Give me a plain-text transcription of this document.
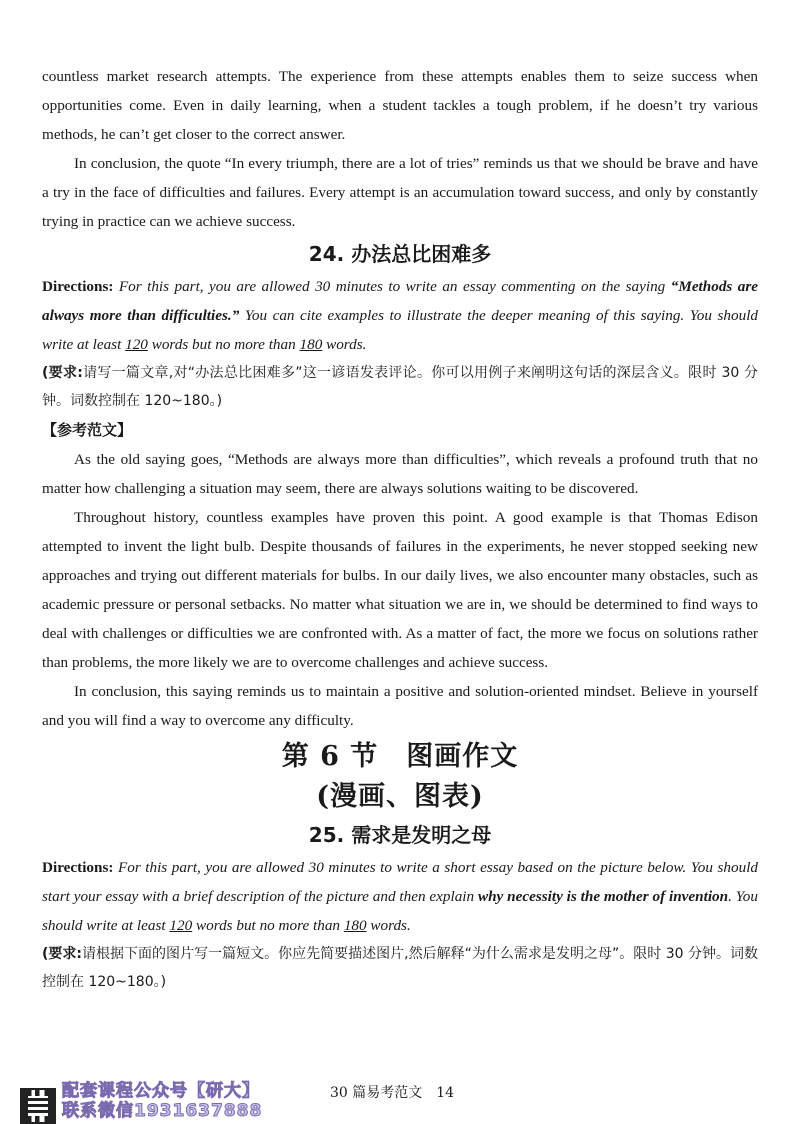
countless market research attempts. The experience from these attempts enables them to seize success when opportunities come. Even in daily learning, when a student tackles a tough problem, if he doesn’t try various methods, he can’t get closer to the correct answer.

In conclusion, the quote “In every triumph, there are a lot of tries” reminds us that we should be brave and have a try in the face of difficulties and failures. Every attempt is an accumulation toward success, and only by constantly trying in practice can we achieve success.

24. 办法总比困难多

Directions: For this part, you are allowed 30 minutes to write an essay commenting on the saying “Methods are always more than difficulties.” You can cite examples to illustrate the deeper meaning of this saying. You should write at least 120 words but no more than 180 words.

(要求:请写一篇文章,对“办法总比困难多”这一谚语发表评论。你可以用例子来阐明这句话的深层含义。限时 30 分钟。词数控制在 120~180。)

【参考范文】

As the old saying goes, “Methods are always more than difficulties”, which reveals a profound truth that no matter how challenging a situation may seem, there are always solutions waiting to be discovered.

Throughout history, countless examples have proven this point. A good example is that Thomas Edison attempted to invent the light bulb. Despite thousands of failures in the experiments, he never stopped seeking new approaches and trying out different materials for bulbs. In our daily lives, we also encounter many obstacles, such as academic pressure or personal setbacks. No matter what situation we are in, we should be determined to find ways to deal with challenges or difficulties we are confronted with. As a matter of fact, the more we focus on solutions rather than problems, the more likely we are to overcome challenges and achieve success.

In conclusion, this saying reminds us to maintain a positive and solution-oriented mindset. Believe in yourself and you will find a way to overcome any difficulty.

第 6 节　图画作文
(漫画、图表)
25. 需求是发明之母

Directions: For this part, you are allowed 30 minutes to write a short essay based on the picture below. You should start your essay with a brief description of the picture and then explain why necessity is the mother of invention. You should write at least 120 words but no more than 180 words.

(要求:请根据下面的图片写一篇短文。你应先简要描述图片,然后解释“为什么需求是发明之母”。限时 30 分钟。词数控制在 120~180。)

配套课程公众号【研大】
联系微信1931637888
30 篇易考范文　14
